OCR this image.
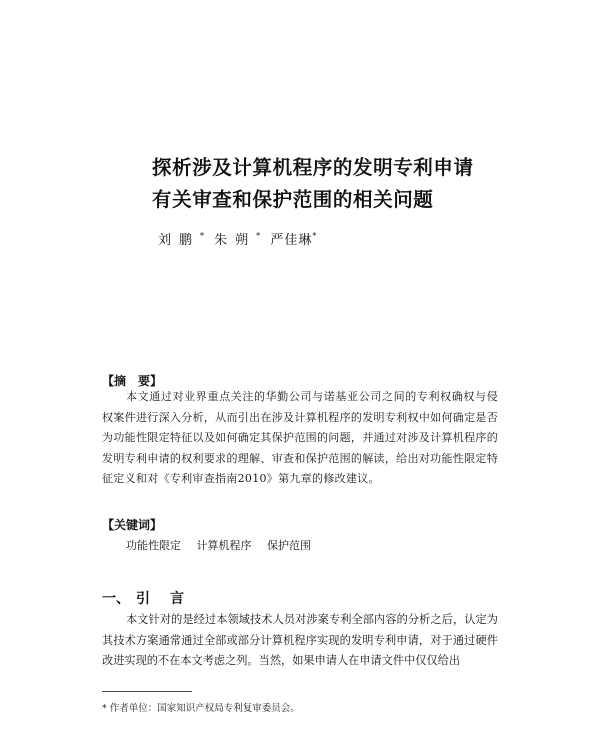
探析涉及计算机程序的发明专利申请
有关审查和保护范围的相关问题
刘鹏* 朱朔* 严佳琳*
【摘　要】
本文通过对业界重点关注的华勤公司与诺基亚公司之间的专利权确权与侵权案件进行深入分析，从而引出在涉及计算机程序的发明专利权中如何确定是否为功能性限定特征以及如何确定其保护范围的问题，并通过对涉及计算机程序的发明专利申请的权利要求的理解、审查和保护范围的解读，给出对功能性限定特征定义和对《专利审查指南2010》第九章的修改建议。
【关键词】
功能性限定 计算机程序 保护范围
一、 引言
本文针对的是经过本领域技术人员对涉案专利全部内容的分析之后，认定为其技术方案通常通过全部或部分计算机程序实现的发明专利申请，对于通过硬件改进实现的不在本文考虑之列。当然，如果申请人在申请文件中仅仅给出
* 作者单位：国家知识产权局专利复审委员会。
